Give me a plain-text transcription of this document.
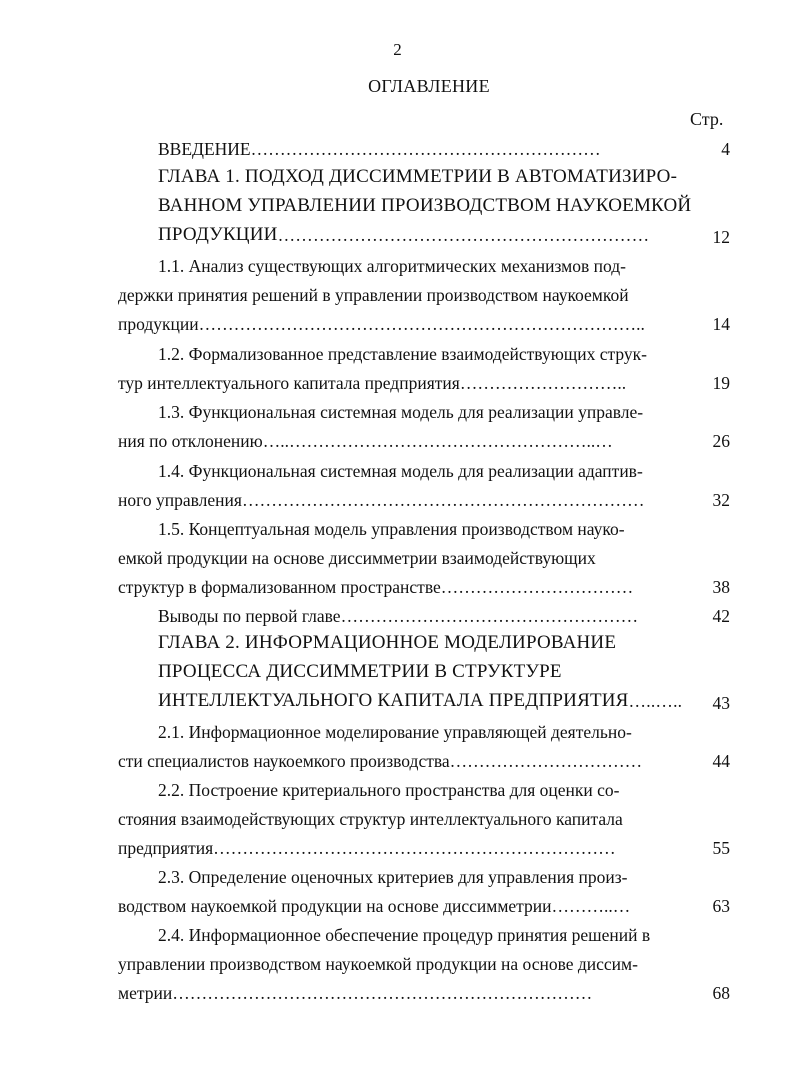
2
ОГЛАВЛЕНИЕ
Стр.
ВВЕДЕНИЕ……………………………………………………	4
ГЛАВА 1. ПОДХОД ДИССИММЕТРИИ В АВТОМАТИЗИРО-
ВАННОМ УПРАВЛЕНИИ ПРОИЗВОДСТВОМ НАУКОЕМКОЙ
ПРОДУКЦИИ………………………………………………………	12
1.1. Анализ существующих алгоритмических механизмов под-
держки принятия решений в управлении производством наукоемкой
продукции…………………………………………………………………..	14
1.2. Формализованное представление взаимодействующих струк-
тур интеллектуального капитала предприятия………………………..	19
1.3. Функциональная системная модель для реализации управле-
ния по отклонению…..……………………………………………..…	26
1.4. Функциональная системная модель для реализации адаптив-
ного управления……………………………………………………………	32
1.5. Концептуальная модель управления производством науко-
емкой продукции на основе диссимметрии взаимодействующих
структур в формализованном пространстве……………………………	38
Выводы по первой главе……………………………………………	42
ГЛАВА 2. ИНФОРМАЦИОННОЕ МОДЕЛИРОВАНИЕ
ПРОЦЕССА ДИССИММЕТРИИ В СТРУКТУРЕ
ИНТЕЛЛЕКТУАЛЬНОГО КАПИТАЛА ПРЕДПРИЯТИЯ…..…..	43
2.1. Информационное моделирование управляющей деятельно-
сти специалистов наукоемкого производства……………………………	44
2.2. Построение критериального пространства для оценки со-
стояния взаимодействующих структур интеллектуального капитала
предприятия……………………………………………………………	55
2.3. Определение оценочных критериев для управления произ-
водством наукоемкой продукции на основе диссимметрии………..…	63
2.4. Информационное обеспечение процедур принятия решений в
управлении производством наукоемкой продукции на основе диссим-
метрии………………………………………………………………	68
